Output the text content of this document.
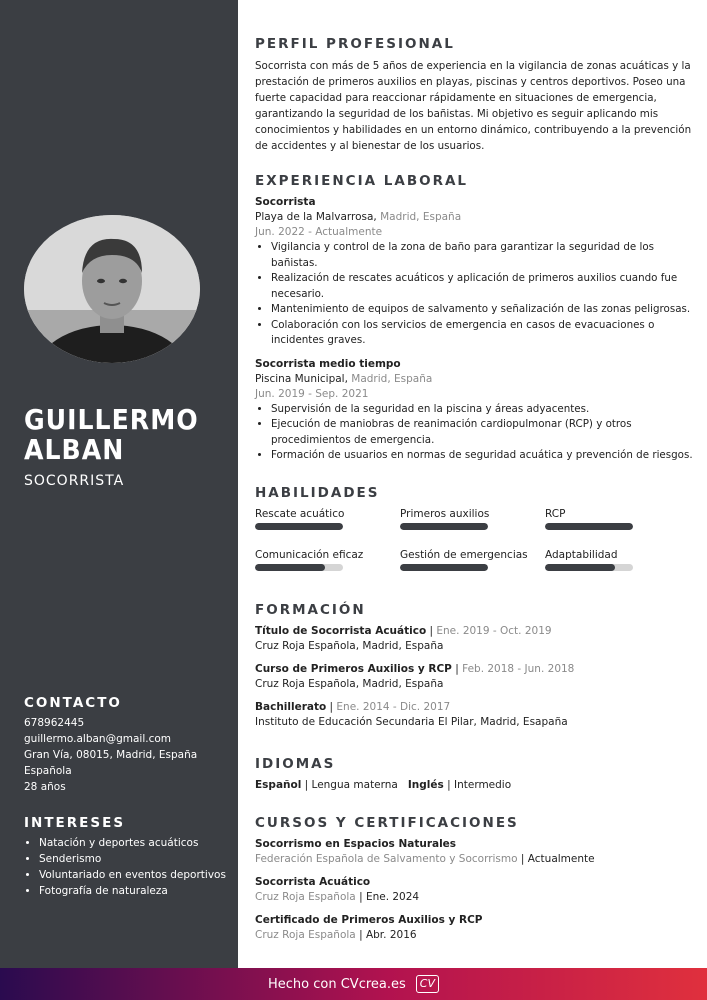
GUILLERMO
ALBAN
SOCORRISTA
CONTACTO
678962445
guillermo.alban@gmail.com
Gran Vía, 08015, Madrid, España
Española
28 años
INTERESES
• Natación y deportes acuáticos
• Senderismo
• Voluntariado en eventos deportivos
• Fotografía de naturaleza
PERFIL PROFESIONAL

Socorrista con más de 5 años de experiencia en la vigilancia de zonas acuáticas y la prestación de primeros auxilios en playas, piscinas y centros deportivos. Poseo una fuerte capacidad para reaccionar rápidamente en situaciones de emergencia, garantizando la seguridad de los bañistas. Mi objetivo es seguir aplicando mis conocimientos y habilidades en un entorno dinámico, contribuyendo a la prevención de accidentes y al bienestar de los usuarios.

EXPERIENCIA LABORAL
Socorrista
Playa de la Malvarrosa, Madrid, España
Jun. 2022 - Actualmente
• Vigilancia y control de la zona de baño para garantizar la seguridad de los bañistas.
• Realización de rescates acuáticos y aplicación de primeros auxilios cuando fue necesario.
• Mantenimiento de equipos de salvamento y señalización de las zonas peligrosas.
• Colaboración con los servicios de emergencia en casos de evacuaciones o incidentes graves.
Socorrista medio tiempo
Piscina Municipal, Madrid, España
Jun. 2019 - Sep. 2021
• Supervisión de la seguridad en la piscina y áreas adyacentes.
• Ejecución de maniobras de reanimación cardiopulmonar (RCP) y otros procedimientos de emergencia.
• Formación de usuarios en normas de seguridad acuática y prevención de riesgos.
HABILIDADES
Rescate acuático	Primeros auxilios	RCP
Comunicación eficaz	Gestión de emergencias	Adaptabilidad
FORMACIÓN
Título de Socorrista Acuático | Ene. 2019 - Oct. 2019
Cruz Roja Española, Madrid, España
Curso de Primeros Auxilios y RCP | Feb. 2018 - Jun. 2018
Cruz Roja Española, Madrid, España
Bachillerato | Ene. 2014 - Dic. 2017
Instituto de Educación Secundaria El Pilar, Madrid, Esapaña
IDIOMAS
Español | Lengua materna Inglés | Intermedio
CURSOS Y CERTIFICACIONES
Socorrismo en Espacios Naturales
Federación Española de Salvamento y Socorrismo | Actualmente
Socorrista Acuático
Cruz Roja Española | Ene. 2024
Certificado de Primeros Auxilios y RCP
Cruz Roja Española | Abr. 2016
Hecho con CVcrea.es	CV
